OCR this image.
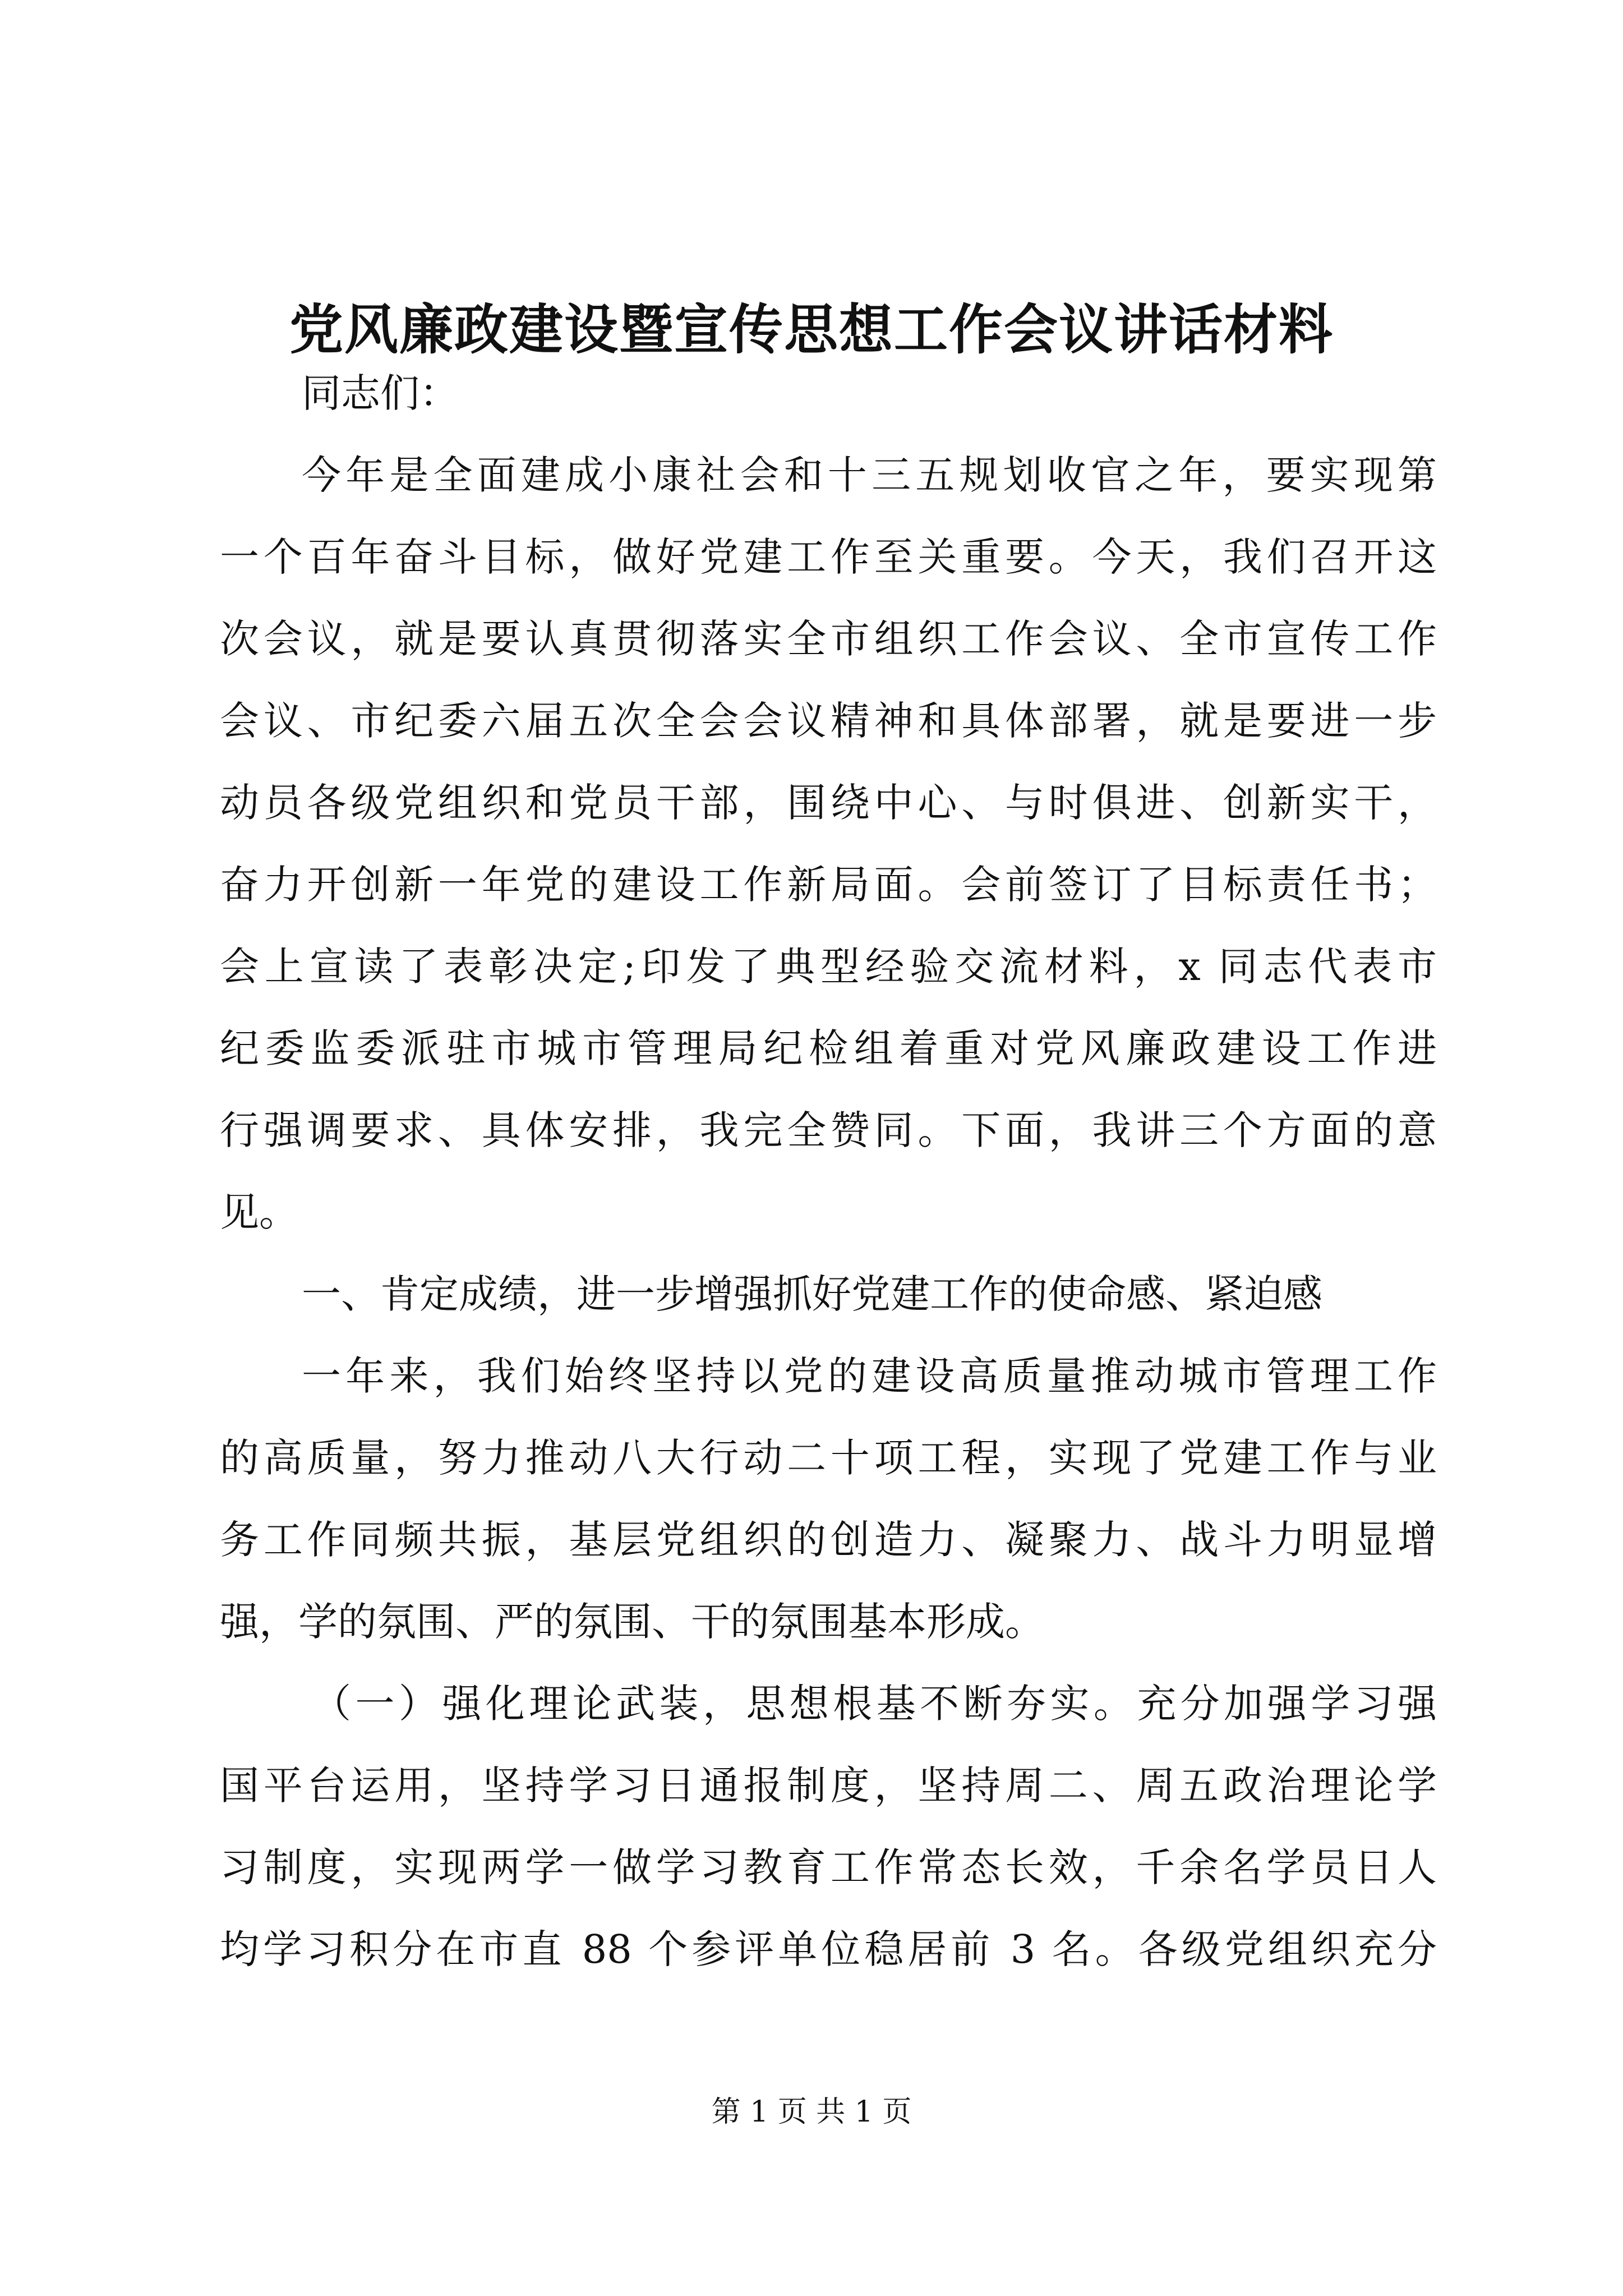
党风廉政建设暨宣传思想工作会议讲话材料
同志们：
今年是全面建成小康社会和十三五规划收官之年，要实现第
一个百年奋斗目标，做好党建工作至关重要。今天，我们召开这
次会议，就是要认真贯彻落实全市组织工作会议、全市宣传工作
会议、市纪委六届五次全会会议精神和具体部署，就是要进一步
动员各级党组织和党员干部，围绕中心、与时俱进、创新实干，
奋力开创新一年党的建设工作新局面。会前签订了目标责任书；
会上宣读了表彰决定;印发了典型经验交流材料，x 同志代表市
纪委监委派驻市城市管理局纪检组着重对党风廉政建设工作进
行强调要求、具体安排，我完全赞同。下面，我讲三个方面的意
见。
一、肯定成绩，进一步增强抓好党建工作的使命感、紧迫感
一年来，我们始终坚持以党的建设高质量推动城市管理工作
的高质量，努力推动八大行动二十项工程，实现了党建工作与业
务工作同频共振，基层党组织的创造力、凝聚力、战斗力明显增
强，学的氛围、严的氛围、干的氛围基本形成。
（一）强化理论武装，思想根基不断夯实。充分加强学习强
国平台运用，坚持学习日通报制度，坚持周二、周五政治理论学
习制度，实现两学一做学习教育工作常态长效，千余名学员日人
均学习积分在市直 88 个参评单位稳居前 3 名。各级党组织充分
第 1 页 共 1 页
